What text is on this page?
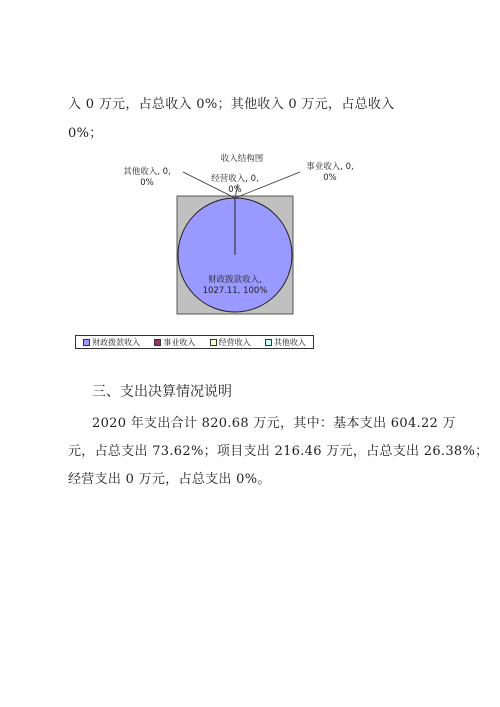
入 0 万元，占总收入 0%；其他收入 0 万元，占总收入
0%；
收入结构图
其他收入, 0,
0%	经营收入, 0,
0%
事业收入, 0,
0%
财政拨款收入,
1027.11, 100%
财政拨款收入	事业收入	经营收入	其他收入
三、支出决算情况说明
2020 年支出合计 820.68 万元，其中：基本支出 604.22 万
元，占总支出 73.62%；项目支出 216.46 万元，占总支出 26.38%；
经营支出 0 万元，占总支出 0%。
